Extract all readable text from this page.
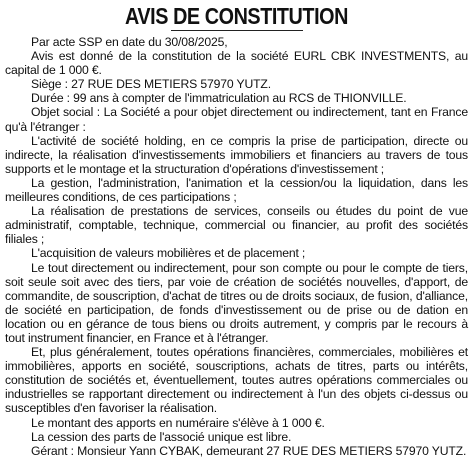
AVIS DE CONSTITUTION

Par acte SSP en date du 30/08/2025,

Avis est donné de la constitution de la société EURL CBK INVESTMENTS, au capital de 1 000 €.

Siège : 27 RUE DES METIERS 57970 YUTZ.

Durée : 99 ans à compter de l'immatriculation au RCS de THIONVILLE.

Objet social : La Société a pour objet directement ou indirectement, tant en France qu'à l'étranger :

L'activité de société holding, en ce compris la prise de participation, directe ou indirecte, la réalisation d'investissements immobiliers et financiers au travers de tous supports et le montage et la structuration d'opérations d'investissement ;

La gestion, l'administration, l'animation et la cession/ou la liquidation, dans les meilleures conditions, de ces participations ;

La réalisation de prestations de services, conseils ou études du point de vue administratif, comptable, technique, commercial ou financier, au profit des sociétés filiales ;

L'acquisition de valeurs mobilières et de placement ;

Le tout directement ou indirectement, pour son compte ou pour le compte de tiers, soit seule soit avec des tiers, par voie de création de sociétés nouvelles, d'apport, de commandite, de souscription, d'achat de titres ou de droits sociaux, de fusion, d'alliance, de société en participation, de fonds d'investissement ou de prise ou de dation en location ou en gérance de tous biens ou droits autrement, y compris par le recours à tout instrument financier, en France et à l'étranger.

Et, plus généralement, toutes opérations financières, commerciales, mobilières et immobilières, apports en société, souscriptions, achats de titres, parts ou intérêts, constitution de sociétés et, éventuellement, toutes autres opérations commerciales ou industrielles se rapportant directement ou indirectement à l'un des objets ci-dessus ou susceptibles d'en favoriser la réalisation.

Le montant des apports en numéraire s'élève à 1 000 €.

La cession des parts de l'associé unique est libre.

Gérant : Monsieur Yann CYBAK, demeurant 27 RUE DES METIERS 57970 YUTZ.
